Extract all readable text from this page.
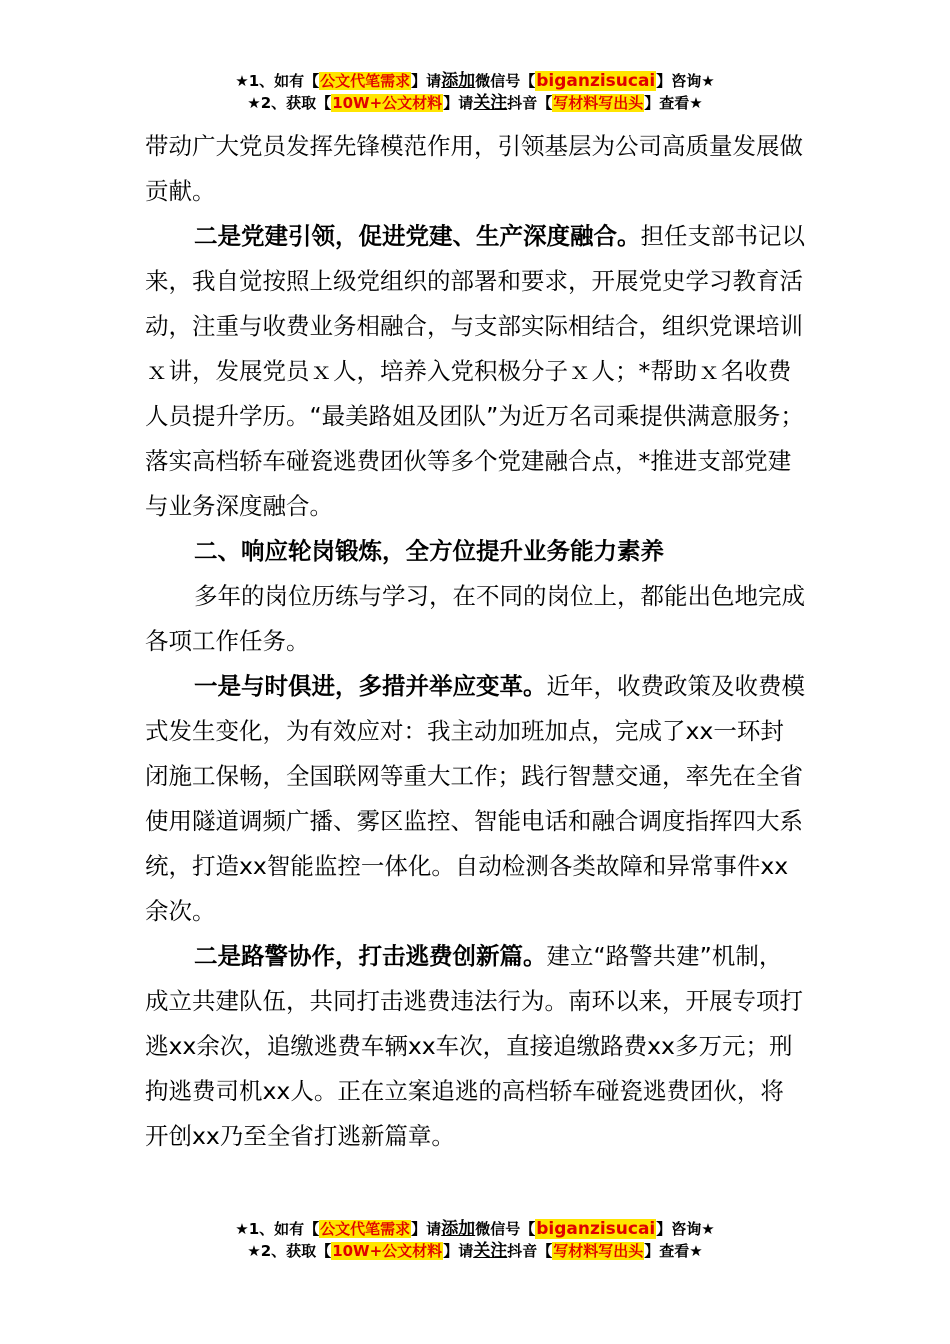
★1、如有【公文代笔需求】请添加微信号【biganzisucai】咨询★
★2、获取【10W+公文材料】请关注抖音【写材料写出头】查看★

带动广大党员发挥先锋模范作用，引领基层为公司高质量发展做贡献。

二是党建引领，促进党建、生产深度融合。担任支部书记以来，我自觉按照上级党组织的部署和要求，开展党史学习教育活动，注重与收费业务相融合，与支部实际相结合，组织党课培训ｘ讲，发展党员ｘ人，培养入党积极分子ｘ人；*帮助ｘ名收费人员提升学历。“最美路姐及团队”为近万名司乘提供满意服务；落实高档轿车碰瓷逃费团伙等多个党建融合点，*推进支部党建与业务深度融合。

二、响应轮岗锻炼，全方位提升业务能力素养

多年的岗位历练与学习，在不同的岗位上，都能出色地完成各项工作任务。

一是与时俱进，多措并举应变革。近年，收费政策及收费模式发生变化，为有效应对：我主动加班加点，完成了xx一环封闭施工保畅，全国联网等重大工作；践行智慧交通，率先在全省使用隧道调频广播、雾区监控、智能电话和融合调度指挥四大系统，打造xx智能监控一体化。自动检测各类故障和异常事件xx余次。

二是路警协作，打击逃费创新篇。建立“路警共建”机制，成立共建队伍，共同打击逃费违法行为。南环以来，开展专项打逃xx余次，追缴逃费车辆xx车次，直接追缴路费xx多万元；刑拘逃费司机xx人。正在立案追逃的高档轿车碰瓷逃费团伙，将开创xx乃至全省打逃新篇章。

★1、如有【公文代笔需求】请添加微信号【biganzisucai】咨询★
★2、获取【10W+公文材料】请关注抖音【写材料写出头】查看★
